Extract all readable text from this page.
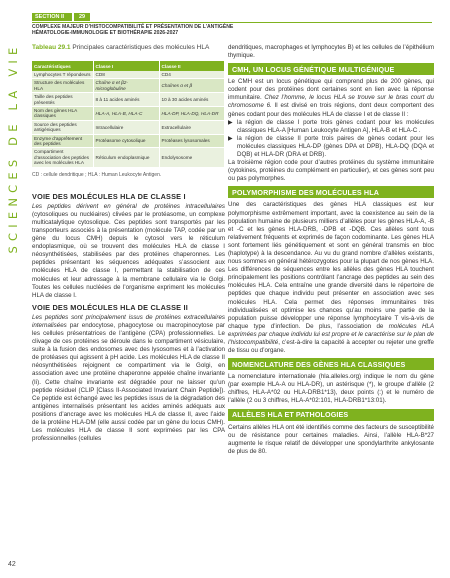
SECTION II	29
COMPLEXE MAJEUR D’HISTOCOMPATIBILITÉ ET PRÉSENTATION DE L’ANTIGÈNE
HÉMATOLOGIE-IMMUNOLOGIE ET BIOTHÉRAPIE 2026-2027
SCIENCES DE LA VIE Tableau 29.1 Principales caractéristiques des molécules HLA
Caractéristiques	Classe I	Classe II
Lymphocytes T répondeurs	CD8	CD4
Structure des molécules HLA	Chaîne α et β2-microglobuline	Chaînes α et β
Taille des peptides présentés	8 à 11 acides aminés	10 à 30 acides aminés
Nom des gènes HLA classiques	HLA-A, HLA-B, HLA-C	HLA-DP, HLA-DQ, HLA-DR
Source des peptides antigéniques	Intracellulaire	Extracellulaire
Enzyme d’apprêtement des peptides	Protéasome cytosolique	Protéases lysosomales
Compartiment d’association des peptides avec les molécules HLA	Réticulum endoplasmique	Endolysosome
CD : cellule dendritique ; HLA : Human Leukocyte Antigen.
VOIE DES MOLÉCULES HLA DE CLASSE I

Les peptides dérivent en général de protéines intracellulaires (cytosoliques ou nucléaires) clivées par le protéasome, un complexe multicatalytique cytosolique. Ces peptides sont transportés par les transporteurs associés à la présentation (molécule TAP, codée par un gène du locus CMH) depuis le cytosol vers le réticulum endoplasmique, où se trouvent des molécules HLA de classe I néosynthétisées, stabilisées par des protéines chaperonnes. Les peptides présentant les séquences adéquates s’associent aux molécules HLA de classe I, permettant la stabilisation de ces molécules et leur adressage à la membrane cellulaire via le Golgi. Toutes les cellules nucléées de l’organisme expriment les molécules HLA de classe I.

VOIE DES MOLÉCULES HLA DE CLASSE II

Les peptides sont principalement issus de protéines extracellulaires internalisées par endocytose, phagocytose ou macropinocytose par les cellules présentatrices de l’antigène (CPA) professionnelles. Le clivage de ces protéines se déroule dans le compartiment vésiculaire, suite à la fusion des endosomes avec des lysosomes et à l’activation de protéases qui agissent à pH acide. Les molécules HLA de classe II néosynthétisées rejoignent ce compartiment via le Golgi, en association avec une protéine chaperonne appelée chaîne invariante (Ii). Cette chaîne invariante est dégradée pour ne laisser qu’un peptide résiduel (CLIP [Class II-Associated Invariant Chain Peptide]). Ce peptide est échangé avec les peptides issus de la dégradation des antigènes internalisés présentant les acides aminés adéquats aux positions d’ancrage avec les molécules HLA de classe II, avec l’aide de la protéine HLA-DM (elle aussi codée par un gène du locus CMH). Les molécules HLA de classe II sont exprimées par les CPA professionnelles (cellules

dendritiques, macrophages et lymphocytes B) et les cellules de l’épithélium thymique.

CMH, UN LOCUS GÉNÉTIQUE MULTIGÉNIQUE

Le CMH est un locus génétique qui comprend plus de 200 gènes, qui codent pour des protéines dont certaines sont en lien avec la réponse immunitaire. Chez l’homme, le locus HLA se trouve sur le bras court du chromosome 6. Il est divisé en trois régions, dont deux comportent des gènes codant pour des molécules HLA de classe I et de classe II :

▶ la région de classe I porte trois gènes codant pour les molécules classiques HLA-A [Human Leukocyte Antigen A], HLA-B et HLA-C .
▶ la région de classe II porte trois paires de gènes codant pour les molécules classiques HLA-DP (gènes DPA et DPB), HLA-DQ (DQA et DQB) et HLA-DR (DRA et DRB).

La troisième région code pour d’autres protéines du système immunitaire (cytokines, protéines du complément en particulier), et ces gènes sont peu ou pas polymorphes.

POLYMORPHISME DES MOLÉCULES HLA

Une des caractéristiques des gènes HLA classiques est leur polymorphisme extrêmement important, avec la coexistence au sein de la population humaine de plusieurs milliers d’allèles pour les gènes HLA-A, -B et -C et les gènes HLA-DRB, -DPB et -DQB. Ces allèles sont tous relativement fréquents et exprimés de façon codominante. Les gènes HLA sont fortement liés génétiquement et sont en général transmis en bloc (haplotype) à la descendance. Au vu du grand nombre d’allèles existants, nous sommes en général hétérozygotes pour la plupart de nos gènes HLA. Les différences de séquences entre les allèles des gènes HLA touchent principalement les positions contrôlant l’ancrage des peptides au sein des molécules HLA. Cela entraîne une grande diversité dans le répertoire de peptides que chaque individu peut présenter en association avec ses molécules HLA. Cela permet des réponses immunitaires très individualisées et optimise les chances qu’au moins une partie de la population puisse développer une réponse lymphocytaire T vis-à-vis de chaque type d’infection. De plus, l’association de molécules HLA exprimées par chaque individu lui est propre et le caractérise sur le plan de l’histocompatibilité, c’est-à-dire la capacité à accepter ou rejeter une greffe de tissu ou d’organe.

NOMENCLATURE DES GÈNES HLA CLASSIQUES

La nomenclature internationale (hla.alleles.org) indique le nom du gène (par exemple HLA-A ou HLA-DR), un astérisque (*), le groupe d’allèle (2 chiffres, HLA-A*02 ou HLA-DRB1*13), deux points (:) et le numéro de l’allèle (2 ou 3 chiffres, HLA-A*02:101, HLA-DRB1*13:01).

ALLÈLES HLA ET PATHOLOGIES

Certains allèles HLA ont été identifiés comme des facteurs de susceptibilité ou de résistance pour certaines maladies. Ainsi, l’allèle HLA-B*27 augmente le risque relatif de développer une spondylarthrite ankylosante de plus de 80.

42
